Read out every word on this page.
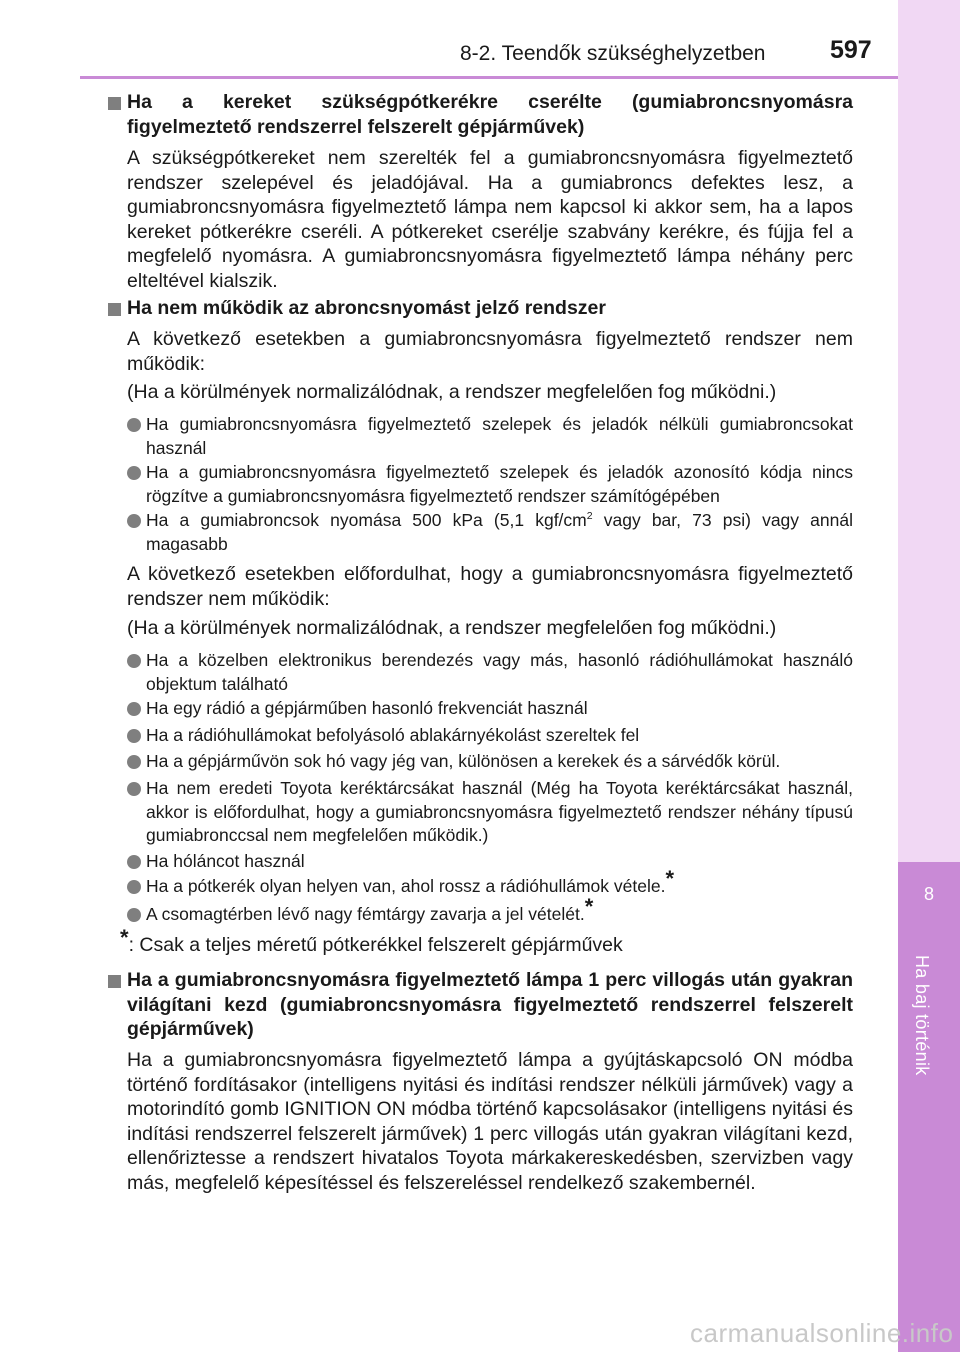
8-2. Teendők szükséghelyzetben	597
8
Ha baj történik

Ha a kereket szükségpótkerékre cserélte (gumiabroncsnyomásra figyelmeztető rendszerrel felszerelt gépjárművek)

A szükségpótkereket nem szerelték fel a gumiabroncsnyomásra figyelmeztető rendszer szelepével és jeladójával. Ha a gumiabroncs defektes lesz, a gumiabroncsnyomásra figyelmeztető lámpa nem kapcsol ki akkor sem, ha a lapos kereket pótkerékre cseréli. A pótkereket cserélje szabvány kerékre, és fújja fel a megfelelő nyomásra. A gumiabroncsnyomásra figyelmeztető lámpa néhány perc elteltével kialszik.

Ha nem működik az abroncsnyomást jelző rendszer

A következő esetekben a gumiabroncsnyomásra figyelmeztető rendszer nem működik:

(Ha a körülmények normalizálódnak, a rendszer megfelelően fog működni.)

Ha gumiabroncsnyomásra figyelmeztető szelepek és jeladók nélküli gumiabroncsokat használ

Ha a gumiabroncsnyomásra figyelmeztető szelepek és jeladók azonosító kódja nincs rögzítve a gumiabroncsnyomásra figyelmeztető rendszer számítógépében

Ha a gumiabroncsok nyomása 500 kPa (5,1 kgf/$cm^2$ vagy bar, 73 psi) vagy annál magasabb

A következő esetekben előfordulhat, hogy a gumiabroncsnyomásra figyelmeztető rendszer nem működik:

(Ha a körülmények normalizálódnak, a rendszer megfelelően fog működni.)

Ha a közelben elektronikus berendezés vagy más, hasonló rádióhullámokat használó objektum található

Ha egy rádió a gépjárműben hasonló frekvenciát használ

Ha a rádióhullámokat befolyásoló ablakárnyékolást szereltek fel

Ha a gépjárművön sok hó vagy jég van, különösen a kerekek és a sárvédők körül.

Ha nem eredeti Toyota keréktárcsákat használ (Még ha Toyota keréktárcsákat használ, akkor is előfordulhat, hogy a gumiabroncsnyomásra figyelmeztető rendszer néhány típusú gumiabronccsal nem megfelelően működik.)

Ha hóláncot használ

Ha a pótkerék olyan helyen van, ahol rossz a rádióhullámok vétele.*

A csomagtérben lévő nagy fémtárgy zavarja a jel vételét.*

*: Csak a teljes méretű pótkerékkel felszerelt gépjárművek

Ha a gumiabroncsnyomásra figyelmeztető lámpa 1 perc villogás után gyakran világítani kezd (gumiabroncsnyomásra figyelmeztető rendszerrel felszerelt gépjárművek)

Ha a gumiabroncsnyomásra figyelmeztető lámpa a gyújtáskapcsoló ON módba történő fordításakor (intelligens nyitási és indítási rendszer nélküli járművek) vagy a motorindító gomb IGNITION ON módba történő kapcsolásakor (intelligens nyitási és indítási rendszerrel felszerelt járművek) 1 perc villogás után gyakran világítani kezd, ellenőriztesse a rendszert hivatalos Toyota márkakereskedésben, szervizben vagy más, megfelelő képesítéssel és felszereléssel rendelkező szakembernél.

carmanualsonline.info
